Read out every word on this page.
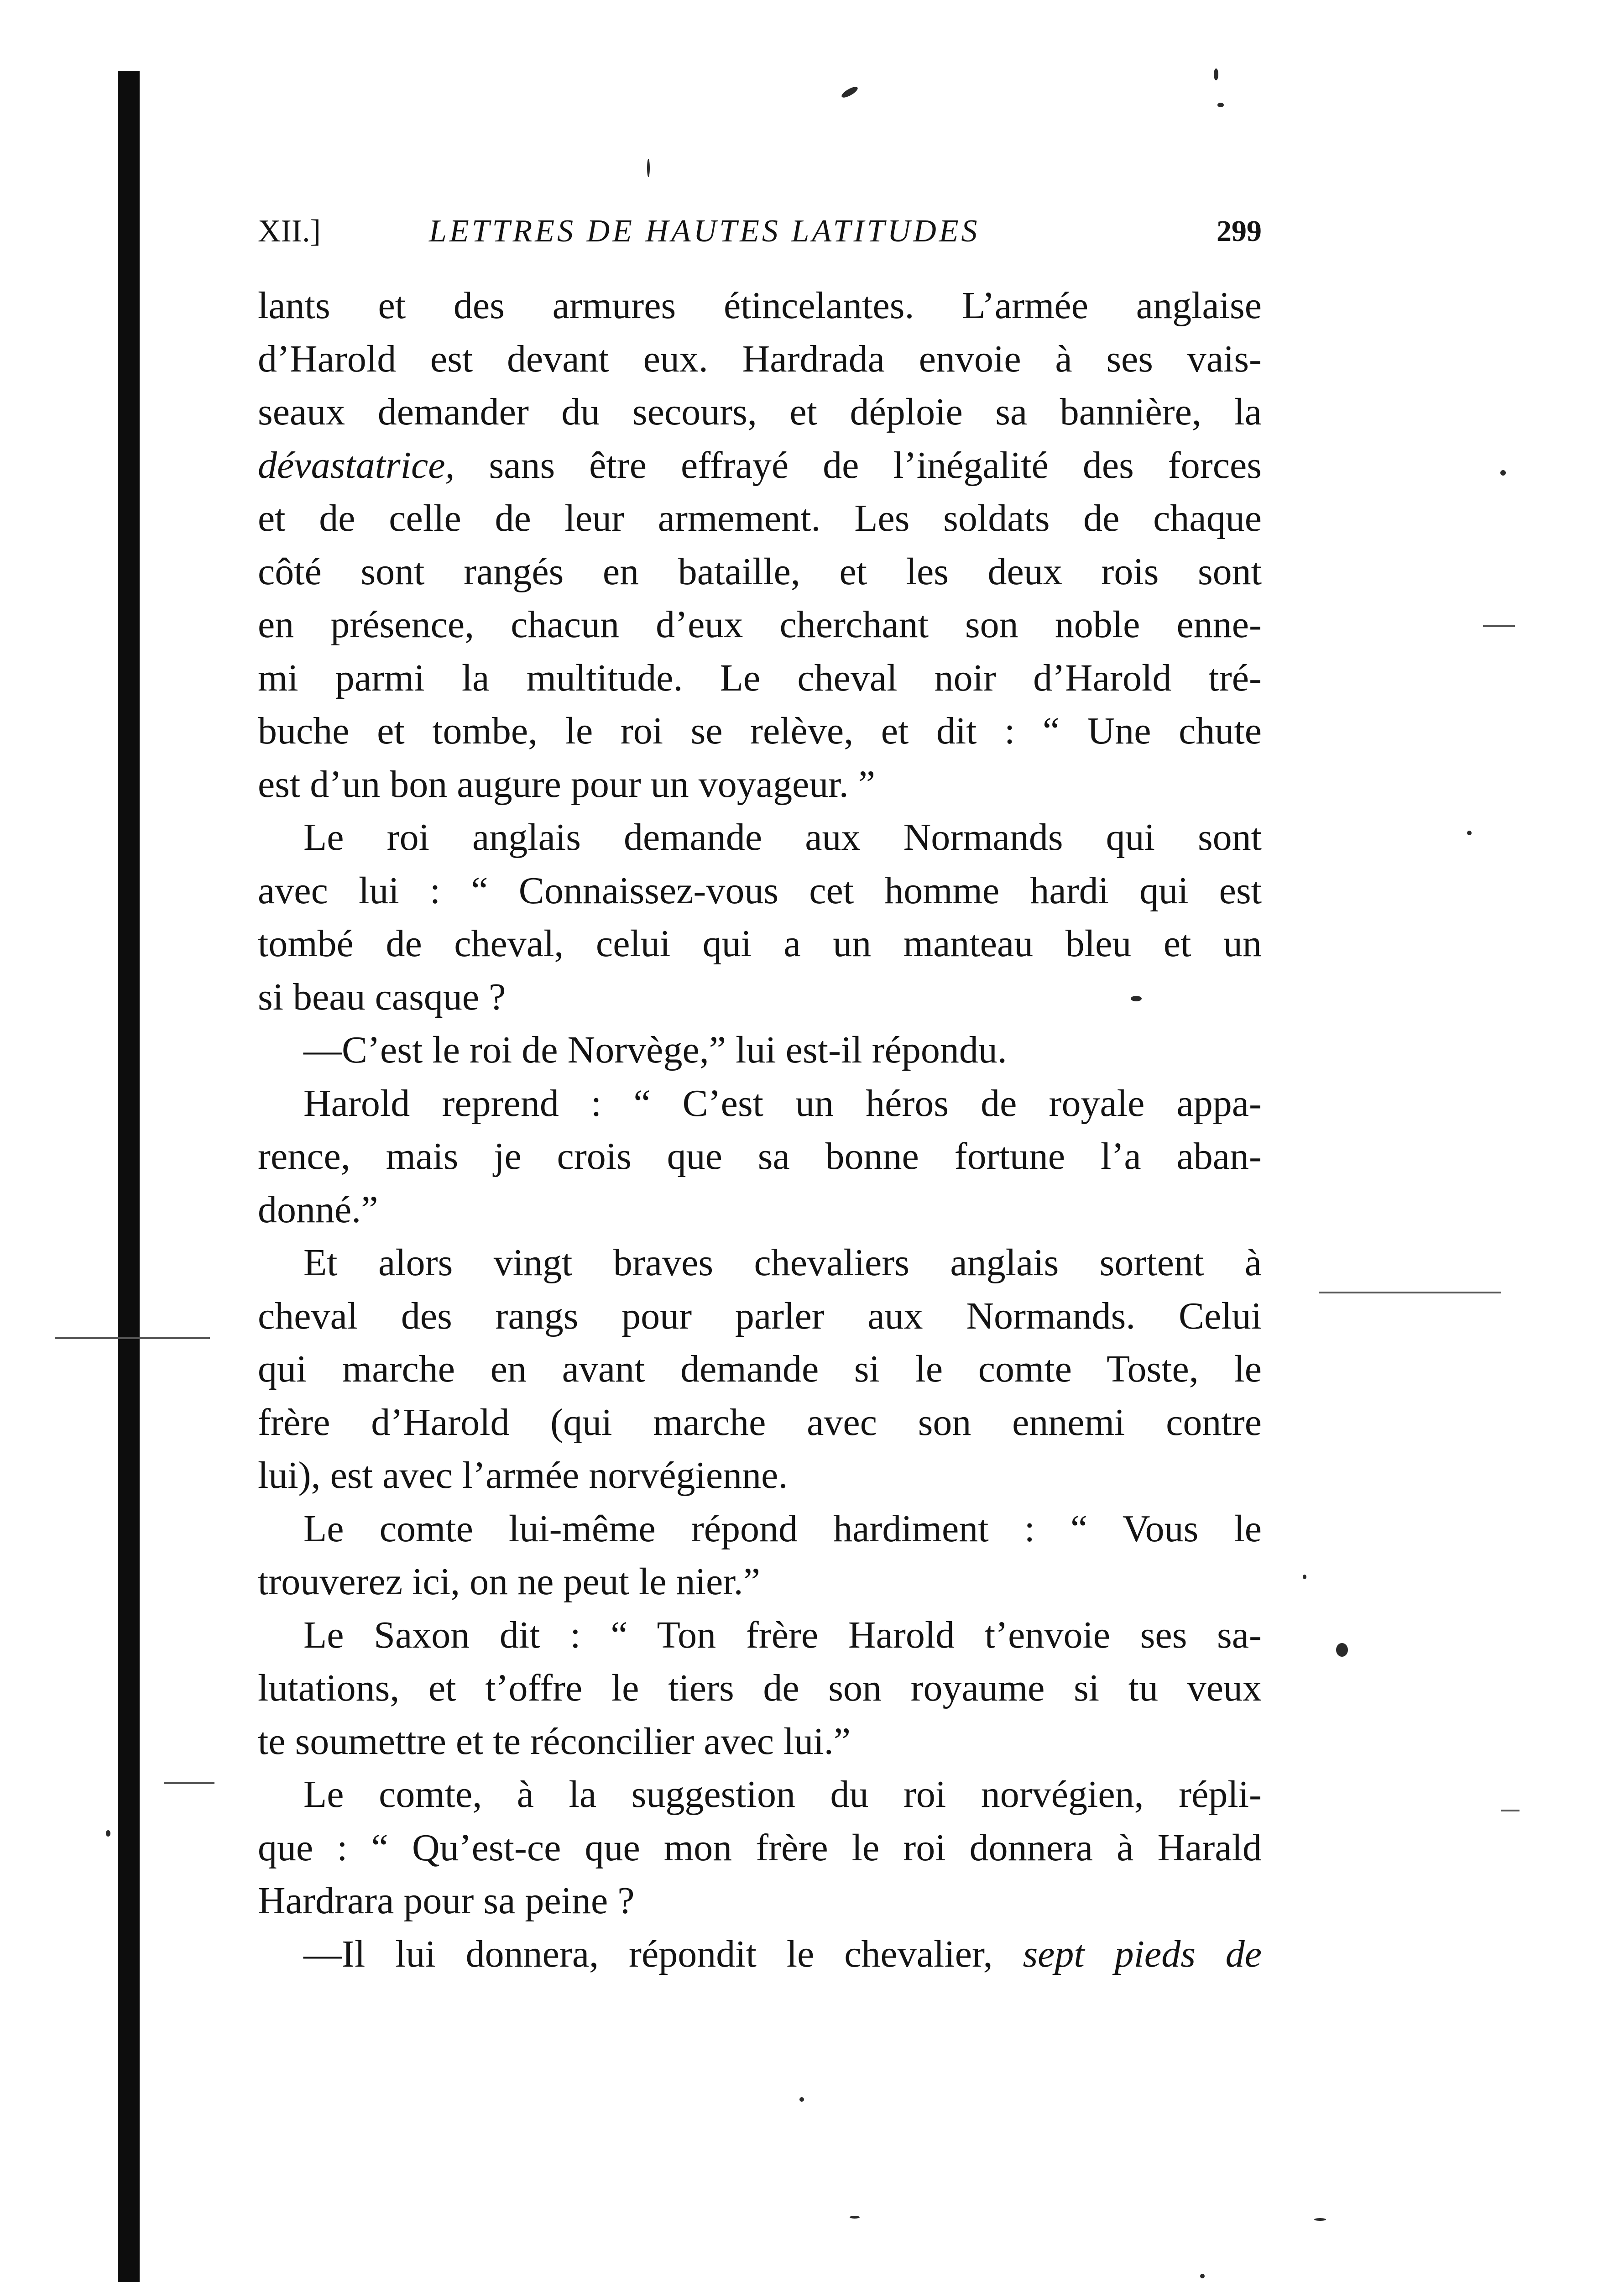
XII.]	LETTRES DE HAUTES LATITUDES	299
lants et des armures étincelantes. L’armée anglaise
d’Harold est devant eux. Hardrada envoie à ses vais-
seaux demander du secours, et déploie sa bannière, la
dévastatrice, sans être effrayé de l’inégalité des forces
et de celle de leur armement. Les soldats de chaque
côté sont rangés en bataille, et les deux rois sont
en présence, chacun d’eux cherchant son noble enne-
mi parmi la multitude. Le cheval noir d’Harold tré-
buche et tombe, le roi se relève, et dit : “ Une chute
est d’un bon augure pour un voyageur. ”
Le roi anglais demande aux Normands qui sont
avec lui : “ Connaissez-vous cet homme hardi qui est
tombé de cheval, celui qui a un manteau bleu et un
si beau casque ?
—C’est le roi de Norvège,” lui est-il répondu.
Harold reprend : “ C’est un héros de royale appa-
rence, mais je crois que sa bonne fortune l’a aban-
donné.”
Et alors vingt braves chevaliers anglais sortent à
cheval des rangs pour parler aux Normands. Celui
qui marche en avant demande si le comte Toste, le
frère d’Harold (qui marche avec son ennemi contre
lui), est avec l’armée norvégienne.
Le comte lui-même répond hardiment : “ Vous le
trouverez ici, on ne peut le nier.”
Le Saxon dit : “ Ton frère Harold t’envoie ses sa-
lutations, et t’offre le tiers de son royaume si tu veux
te soumettre et te réconcilier avec lui.”
Le comte, à la suggestion du roi norvégien, répli-
que : “ Qu’est-ce que mon frère le roi donnera à Harald
Hardrara pour sa peine ?
—Il lui donnera, répondit le chevalier, sept pieds de
